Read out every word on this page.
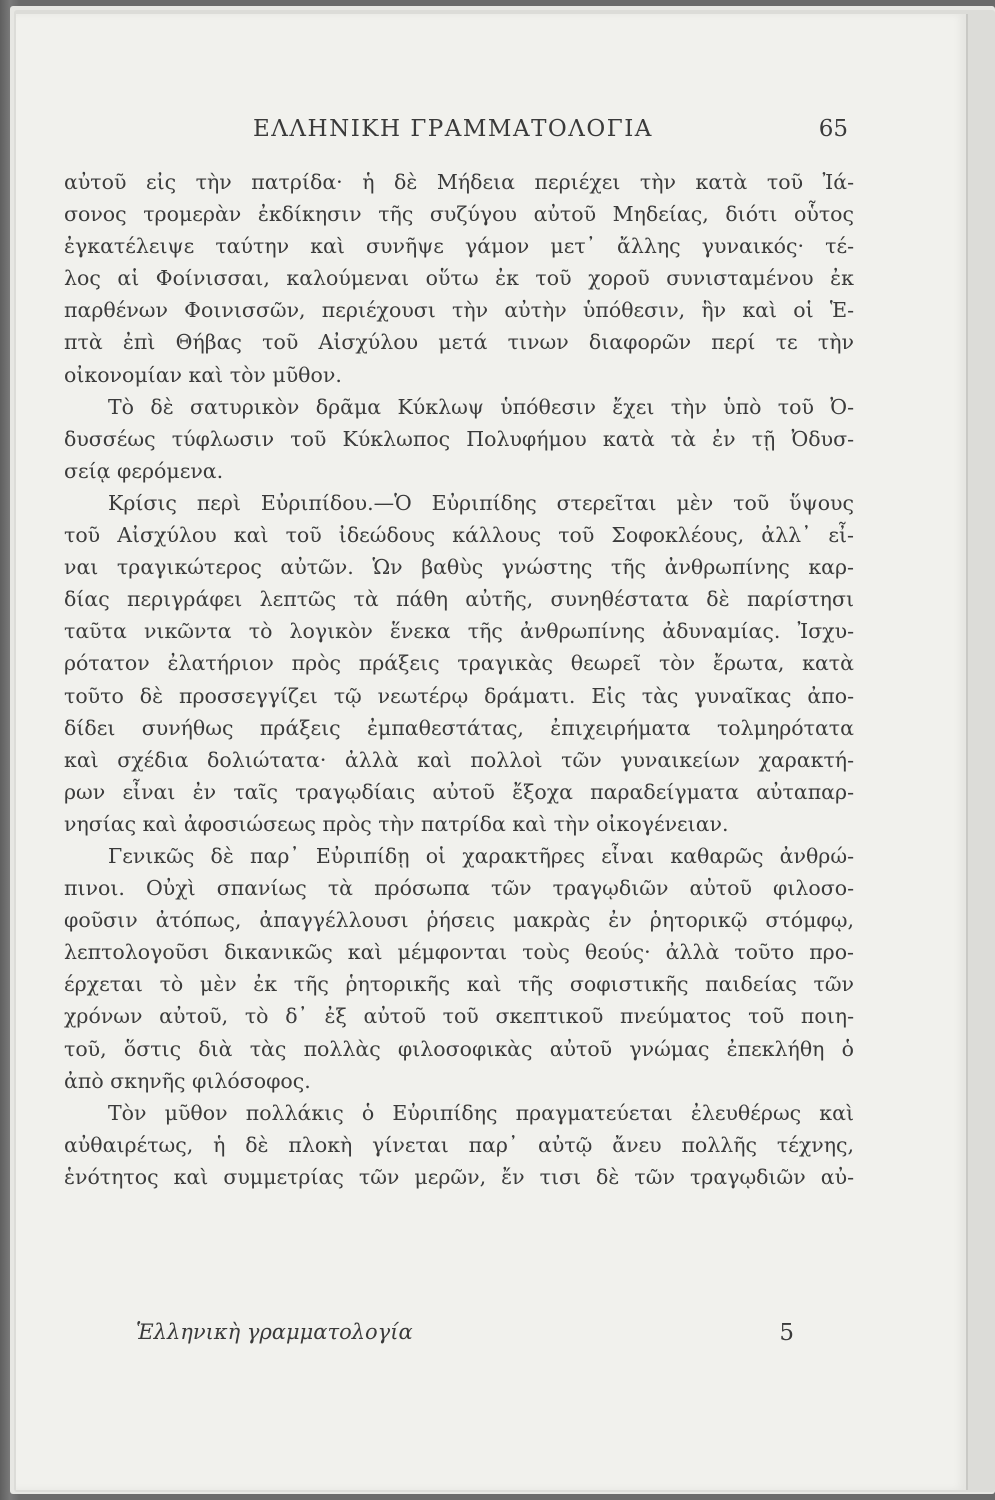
ΕΛΛΗΝΙΚΗ ΓΡΑΜΜΑΤΟΛΟΓΙΑ	65
αὐτοῦ εἰς τὴν πατρίδα· ἡ δὲ Μήδεια περιέχει τὴν κατὰ τοῦ Ἰά-
σονος τρομερὰν ἐκδίκησιν τῆς συζύγου αὐτοῦ Μηδείας, διότι οὗτος
ἐγκατέλειψε ταύτην καὶ συνῆψε γάμον μετ᾽ ἄλλης γυναικός· τέ-
λος αἱ Φοίνισσαι, καλούμεναι οὕτω ἐκ τοῦ χοροῦ συνισταμένου ἐκ
παρθένων Φοινισσῶν, περιέχουσι τὴν αὐτὴν ὑπόθεσιν, ἣν καὶ οἱ Ἑ-
πτὰ ἐπὶ Θήβας τοῦ Αἰσχύλου μετά τινων διαφορῶν περί τε τὴν
οἰκονομίαν καὶ τὸν μῦθον.
Τὸ δὲ σατυρικὸν δρᾶμα Κύκλωψ ὑπόθεσιν ἔχει τὴν ὑπὸ τοῦ Ὀ-
δυσσέως τύφλωσιν τοῦ Κύκλωπος Πολυφήμου κατὰ τὰ ἐν τῇ Ὀδυσ-
σείᾳ φερόμενα.
Κρίσις περὶ Εὐριπίδου.—Ὁ Εὐριπίδης στερεῖται μὲν τοῦ ὕψους
τοῦ Αἰσχύλου καὶ τοῦ ἰδεώδους κάλλους τοῦ Σοφοκλέους, ἀλλ᾽ εἶ-
ναι τραγικώτερος αὐτῶν. Ὡν βαθὺς γνώστης τῆς ἀνθρωπίνης καρ-
δίας περιγράφει λεπτῶς τὰ πάθη αὐτῆς, συνηθέστατα δὲ παρίστησι
ταῦτα νικῶντα τὸ λογικὸν ἕνεκα τῆς ἀνθρωπίνης ἀδυναμίας. Ἰσχυ-
ρότατον ἐλατήριον πρὸς πράξεις τραγικὰς θεωρεῖ τὸν ἔρωτα, κατὰ
τοῦτο δὲ προσσεγγίζει τῷ νεωτέρῳ δράματι. Εἰς τὰς γυναῖκας ἀπο-
δίδει συνήθως πράξεις ἐμπαθεστάτας, ἐπιχειρήματα τολμηρότατα
καὶ σχέδια δολιώτατα· ἀλλὰ καὶ πολλοὶ τῶν γυναικείων χαρακτή-
ρων εἶναι ἐν ταῖς τραγῳδίαις αὐτοῦ ἔξοχα παραδείγματα αὐταπαρ-
νησίας καὶ ἀφοσιώσεως πρὸς τὴν πατρίδα καὶ τὴν οἰκογένειαν.
Γενικῶς δὲ παρ᾽ Εὐριπίδῃ οἱ χαρακτῆρες εἶναι καθαρῶς ἀνθρώ-
πινοι. Οὐχὶ σπανίως τὰ πρόσωπα τῶν τραγῳδιῶν αὐτοῦ φιλοσο-
φοῦσιν ἀτόπως, ἀπαγγέλλουσι ῥήσεις μακρὰς ἐν ῥητορικῷ στόμφῳ,
λεπτολογοῦσι δικανικῶς καὶ μέμφονται τοὺς θεούς· ἀλλὰ τοῦτο προ-
έρχεται τὸ μὲν ἐκ τῆς ῥητορικῆς καὶ τῆς σοφιστικῆς παιδείας τῶν
χρόνων αὐτοῦ, τὸ δ᾽ ἐξ αὐτοῦ τοῦ σκεπτικοῦ πνεύματος τοῦ ποιη-
τοῦ, ὅστις διὰ τὰς πολλὰς φιλοσοφικὰς αὐτοῦ γνώμας ἐπεκλήθη ὁ
ἀπὸ σκηνῆς φιλόσοφος.
Τὸν μῦθον πολλάκις ὁ Εὐριπίδης πραγματεύεται ἐλευθέρως καὶ
αὐθαιρέτως, ἡ δὲ πλοκὴ γίνεται παρ᾽ αὐτῷ ἄνευ πολλῆς τέχνης,
ἑνότητος καὶ συμμετρίας τῶν μερῶν, ἔν τισι δὲ τῶν τραγῳδιῶν αὐ-
Ἑλληνικὴ γραμματολογία	5
